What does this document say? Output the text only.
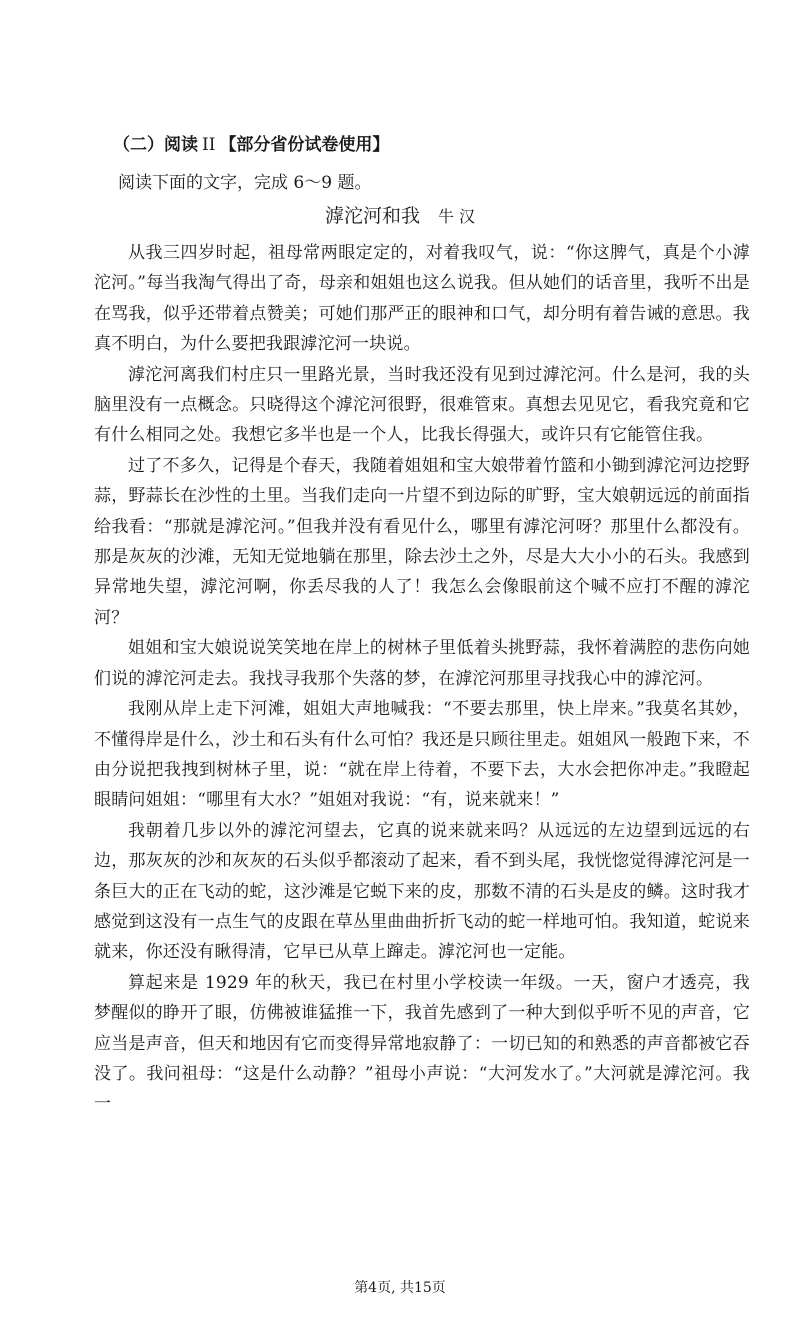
（二）阅读 II 【部分省份试卷使用】
阅读下面的文字，完成 6～9 题。
滹沱河和我 牛 汉

从我三四岁时起，祖母常两眼定定的，对着我叹气，说：“你这脾气，真是个小滹沱河。”每当我淘气得出了奇，母亲和姐姐也这么说我。但从她们的话音里，我听不出是在骂我，似乎还带着点赞美；可她们那严正的眼神和口气，却分明有着告诫的意思。我真不明白，为什么要把我跟滹沱河一块说。

滹沱河离我们村庄只一里路光景，当时我还没有见到过滹沱河。什么是河，我的头脑里没有一点概念。只晓得这个滹沱河很野，很难管束。真想去见见它，看我究竟和它有什么相同之处。我想它多半也是一个人，比我长得强大，或许只有它能管住我。

过了不多久，记得是个春天，我随着姐姐和宝大娘带着竹篮和小锄到滹沱河边挖野蒜，野蒜长在沙性的土里。当我们走向一片望不到边际的旷野，宝大娘朝远远的前面指给我看：“那就是滹沱河。”但我并没有看见什么，哪里有滹沱河呀？那里什么都没有。那是灰灰的沙滩，无知无觉地躺在那里，除去沙土之外，尽是大大小小的石头。我感到异常地失望，滹沱河啊，你丢尽我的人了！我怎么会像眼前这个喊不应打不醒的滹沱河？

姐姐和宝大娘说说笑笑地在岸上的树林子里低着头挑野蒜，我怀着满腔的悲伤向她们说的滹沱河走去。我找寻我那个失落的梦，在滹沱河那里寻找我心中的滹沱河。

我刚从岸上走下河滩，姐姐大声地喊我：“不要去那里，快上岸来。”我莫名其妙，不懂得岸是什么，沙土和石头有什么可怕？我还是只顾往里走。姐姐风一般跑下来，不由分说把我拽到树林子里，说：“就在岸上待着，不要下去，大水会把你冲走。”我瞪起眼睛问姐姐：“哪里有大水？”姐姐对我说：“有，说来就来！”

我朝着几步以外的滹沱河望去，它真的说来就来吗？从远远的左边望到远远的右边，那灰灰的沙和灰灰的石头似乎都滚动了起来，看不到头尾，我恍惚觉得滹沱河是一条巨大的正在飞动的蛇，这沙滩是它蜕下来的皮，那数不清的石头是皮的鳞。这时我才感觉到这没有一点生气的皮跟在草丛里曲曲折折飞动的蛇一样地可怕。我知道，蛇说来就来，你还没有瞅得清，它早已从草上蹿走。滹沱河也一定能。

算起来是 1929 年的秋天，我已在村里小学校读一年级。一天，窗户才透亮，我梦醒似的睁开了眼，仿佛被谁猛推一下，我首先感到了一种大到似乎听不见的声音，它应当是声音，但天和地因有它而变得异常地寂静了：一切已知的和熟悉的声音都被它吞没了。我问祖母：“这是什么动静？”祖母小声说：“大河发水了。”大河就是滹沱河。我一

第4页, 共15页
